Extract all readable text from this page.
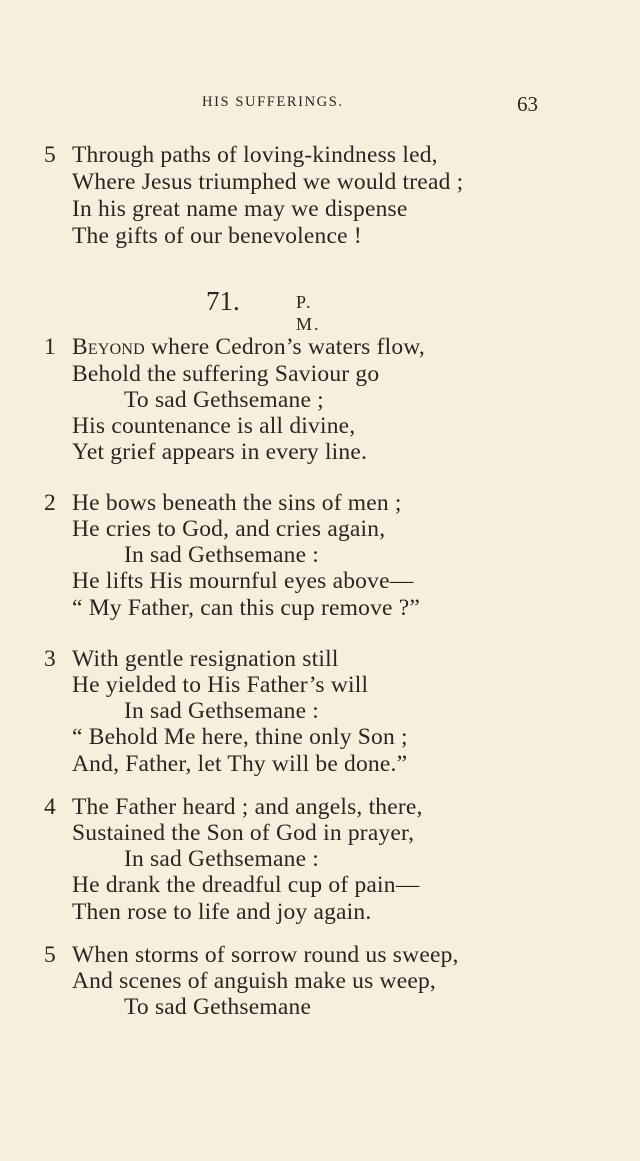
HIS SUFFERINGS.	63
5 Through paths of loving-kindness led,
Where Jesus triumphed we would tread ;
In his great name may we dispense
The gifts of our benevolence !
71.	P. M.
1 Beyond where Cedron’s waters flow,
Behold the suffering Saviour go
To sad Gethsemane ;
His countenance is all divine,
Yet grief appears in every line.
2 He bows beneath the sins of men ;
He cries to God, and cries again,
In sad Gethsemane :
He lifts His mournful eyes above—
“ My Father, can this cup remove ?”
3 With gentle resignation still
He yielded to His Father’s will
In sad Gethsemane :
“ Behold Me here, thine only Son ;
And, Father, let Thy will be done.”
4 The Father heard ; and angels, there,
Sustained the Son of God in prayer,
In sad Gethsemane :
He drank the dreadful cup of pain—
Then rose to life and joy again.
5 When storms of sorrow round us sweep,
And scenes of anguish make us weep,
To sad Gethsemane
